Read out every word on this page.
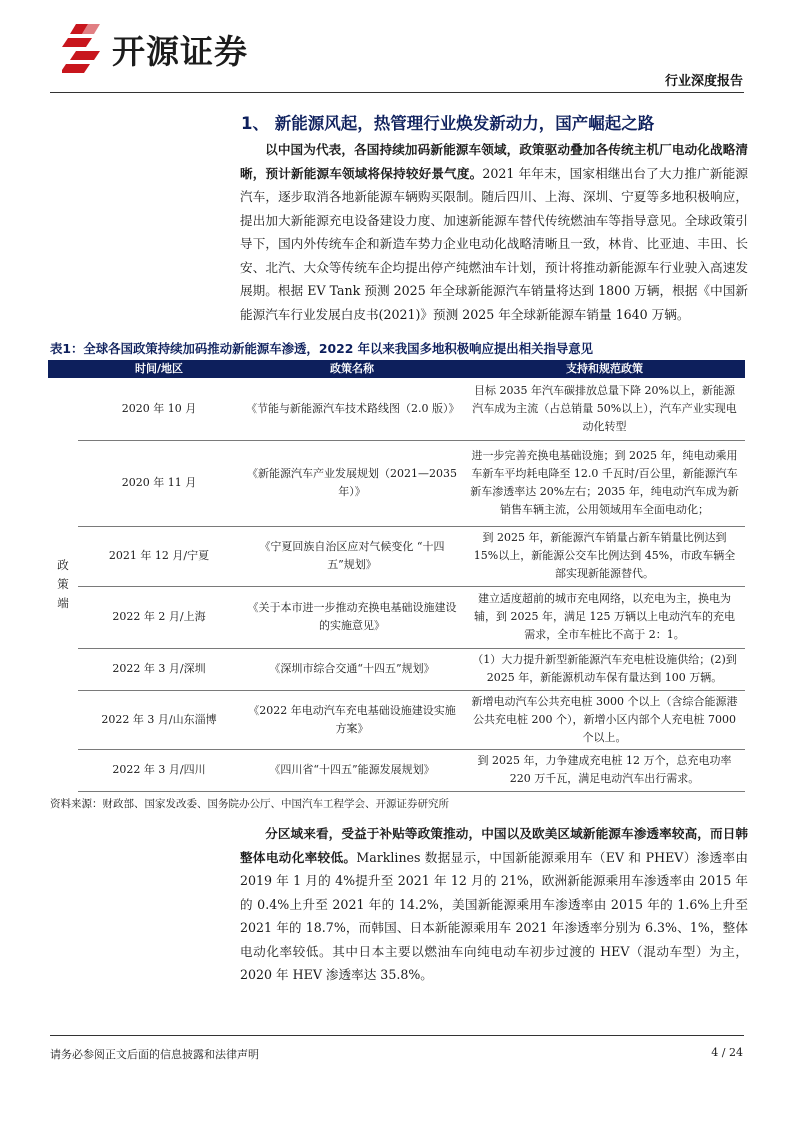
开源证券
行业深度报告
1、 新能源风起，热管理行业焕发新动力，国产崛起之路
以中国为代表，各国持续加码新能源车领域，政策驱动叠加各传统主机厂电动化战略清晰，预计新能源车领域将保持较好景气度。2021 年年末，国家相继出台了大力推广新能源汽车，逐步取消各地新能源车辆购买限制。随后四川、上海、深圳、宁夏等多地积极响应，提出加大新能源充电设备建设力度、加速新能源车替代传统燃油车等指导意见。全球政策引导下，国内外传统车企和新造车势力企业电动化战略清晰且一致，林肯、比亚迪、丰田、长安、北汽、大众等传统车企均提出停产纯燃油车计划，预计将推动新能源车行业驶入高速发展期。根据 EV Tank 预测 2025 年全球新能源汽车销量将达到 1800 万辆，根据《中国新能源汽车行业发展白皮书(2021)》预测 2025 年全球新能源车销量 1640 万辆。
表1：全球各国政策持续加码推动新能源车渗透，2022 年以来我国多地积极响应提出相关指导意见
	时间/地区	政策名称	支持和规范政策
政策端	2020 年 10 月	《节能与新能源汽车技术路线图（2.0 版）》	目标 2035 年汽车碳排放总量下降 20%以上，新能源汽车成为主流（占总销量 50%以上），汽车产业实现电动化转型
	2020 年 11 月	《新能源汽车产业发展规划（2021—2035 年）》	进一步完善充换电基础设施；到 2025 年，纯电动乘用车新车平均耗电降至 12.0 千瓦时/百公里，新能源汽车新车渗透率达 20%左右；2035 年，纯电动汽车成为新销售车辆主流，公用领域用车全面电动化；
	2021 年 12 月/宁夏	《宁夏回族自治区应对气候变化 “十四五”规划》	到 2025 年，新能源汽车销量占新车销量比例达到 15%以上，新能源公交车比例达到 45%，市政车辆全部实现新能源替代。
	2022 年 2 月/上海	《关于本市进一步推动充换电基础设施建设的实施意见》	建立适度超前的城市充电网络，以充电为主，换电为辅，到 2025 年，满足 125 万辆以上电动汽车的充电需求，全市车桩比不高于 2：1。
	2022 年 3 月/深圳	《深圳市综合交通“十四五”规划》	（1）大力提升新型新能源汽车充电桩设施供给；(2)到 2025 年，新能源机动车保有量达到 100 万辆。
	2022 年 3 月/山东淄博	《2022 年电动汽车充电基础设施建设实施方案》	新增电动汽车公共充电桩 3000 个以上（含综合能源港公共充电桩 200 个），新增小区内部个人充电桩 7000 个以上。
	2022 年 3 月/四川	《四川省“十四五”能源发展规划》	到 2025 年，力争建成充电桩 12 万个，总充电功率 220 万千瓦，满足电动汽车出行需求。
资料来源：财政部、国家发改委、国务院办公厅、中国汽车工程学会、开源证券研究所
分区域来看，受益于补贴等政策推动，中国以及欧美区域新能源车渗透率较高，而日韩整体电动化率较低。Marklines 数据显示，中国新能源乘用车（EV 和 PHEV）渗透率由 2019 年 1 月的 4%提升至 2021 年 12 月的 21%，欧洲新能源乘用车渗透率由 2015 年的 0.4%上升至 2021 年的 14.2%，美国新能源乘用车渗透率由 2015 年的 1.6%上升至 2021 年的 18.7%，而韩国、日本新能源乘用车 2021 年渗透率分别为 6.3%、1%，整体电动化率较低。其中日本主要以燃油车向纯电动车初步过渡的 HEV（混动车型）为主，2020 年 HEV 渗透率达 35.8%。
请务必参阅正文后面的信息披露和法律声明	4 / 24
